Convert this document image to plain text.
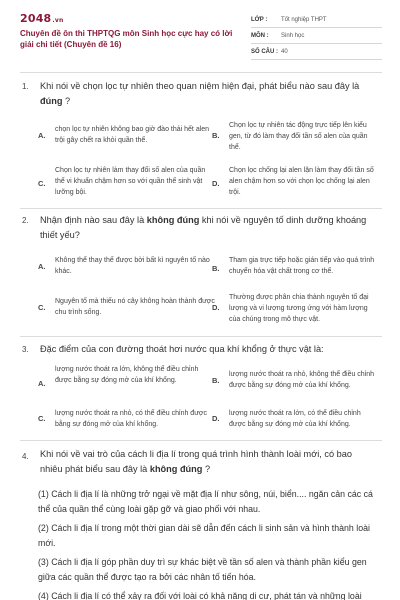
2048.vn
Chuyên đề ôn thi THPTQG môn Sinh học cực hay có lời giải chi tiết (Chuyên đề 16)
LỚP :	Tốt nghiệp THPT
MÔN :	Sinh học
SỐ CÂU : 40
1. Khi nói về chọn lọc tự nhiên theo quan niệm hiện đại, phát biểu nào sau đây là đúng ?
A.
chọn lọc tự nhiên không bao giờ đào thải hết alen trội gây chết ra khỏi quần thể.
B.
Chọn lọc tự nhiên tác động trực tiếp lên kiểu gen, từ đó làm thay đổi tần số alen của quần thể.
C.
Chọn lọc tự nhiên làm thay đổi số alen của quần thể vi khuẩn chậm hơn so với quần thể sinh vật lưỡng bội.
D.
Chọn lọc chống lại alen lặn làm thay đổi tần số alen chậm hơn so với chọn lọc chống lại alen trội.
2. Nhận định nào sau đây là không đúng khi nói về nguyên tố dinh dưỡng khoáng thiết yếu?
A.
Không thể thay thế được bởi bất kì nguyên tố nào khác.	B.
Tham gia trực tiếp hoặc gián tiếp vào quá trình chuyển hóa vật chất trong cơ thể.
C.
Nguyên tố mà thiếu nó cây không hoàn thành được chu trình sống.
D.
Thường được phân chia thành nguyên tố đại lượng và vi lượng tương ứng với hàm lượng của chúng trong mô thực vật.
3. Đặc điểm của con đường thoát hơi nước qua khí khổng ở thực vật là:
A.
lượng nước thoát ra lớn, không thể điều chỉnh được bằng sự đóng mở của khí khổng.	B.
lượng nước thoát ra nhỏ, không thể điều chỉnh được bằng sự đóng mở của khí khổng.
C.
lượng nước thoát ra nhỏ, có thể điều chỉnh được bằng sự đóng mở của khí khổng.
D.
lượng nước thoát ra lớn, có thể điều chỉnh được bằng sự đóng mở của khí khổng.
4. Khi nói về vai trò của cách li địa lí trong quá trình hình thành loài mới, có bao nhiêu phát biểu sau đây là không đúng ?
(1) Cách li địa lí là những trở ngại về mặt địa lí như sông, núi, biển.... ngăn cản các cá thể của quần thể cùng loài gặp gỡ và giao phối với nhau.
(2) Cách li địa lí trong một thời gian dài sẽ dẫn đến cách li sinh sản và hình thành loài mới.
(3) Cách li địa lí góp phần duy trì sự khác biệt về tần số alen và thành phần kiểu gen giữa các quần thể được tạo ra bởi các nhân tố tiến hóa.
(4) Cách li địa lí có thể xảy ra đối với loài có khả năng di cư, phát tán và những loài
